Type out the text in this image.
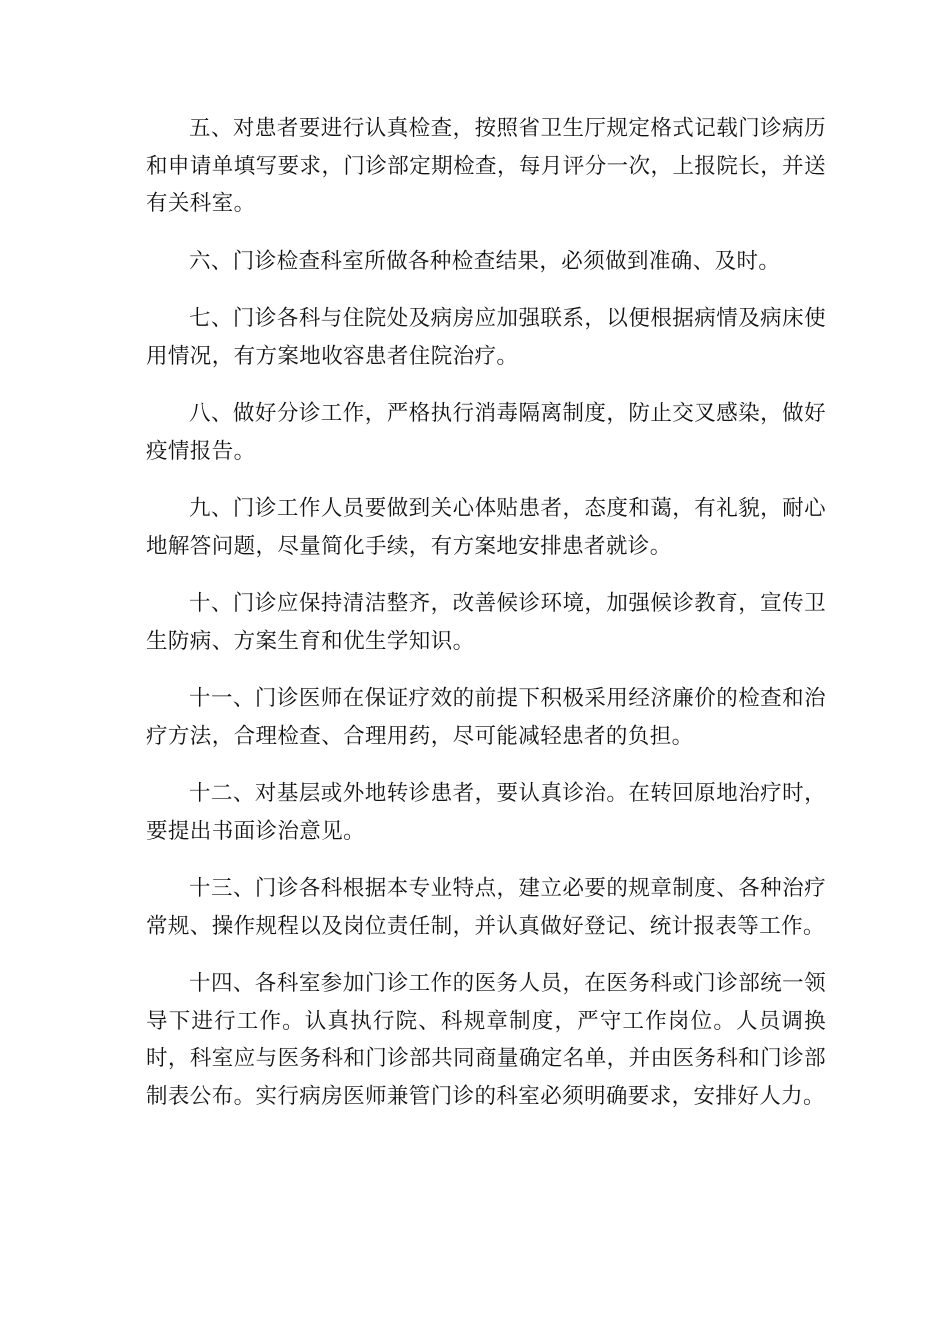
五、对患者要进行认真检查，按照省卫生厅规定格式记载门诊病历和申请单填写要求，门诊部定期检查，每月评分一次，上报院长，并送有关科室。

六、门诊检查科室所做各种检查结果，必须做到准确、及时。

七、门诊各科与住院处及病房应加强联系，以便根据病情及病床使用情况，有方案地收容患者住院治疗。

八、做好分诊工作，严格执行消毒隔离制度，防止交叉感染，做好疫情报告。

九、门诊工作人员要做到关心体贴患者，态度和蔼，有礼貌，耐心地解答问题，尽量简化手续，有方案地安排患者就诊。

十、门诊应保持清洁整齐，改善候诊环境，加强候诊教育，宣传卫生防病、方案生育和优生学知识。

十一、门诊医师在保证疗效的前提下积极采用经济廉价的检查和治疗方法，合理检查、合理用药，尽可能减轻患者的负担。

十二、对基层或外地转诊患者，要认真诊治。在转回原地治疗时，要提出书面诊治意见。

十三、门诊各科根据本专业特点，建立必要的规章制度、各种治疗常规、操作规程以及岗位责任制，并认真做好登记、统计报表等工作。

十四、各科室参加门诊工作的医务人员，在医务科或门诊部统一领导下进行工作。认真执行院、科规章制度，严守工作岗位。人员调换时，科室应与医务科和门诊部共同商量确定名单，并由医务科和门诊部制表公布。实行病房医师兼管门诊的科室必须明确要求，安排好人力。
